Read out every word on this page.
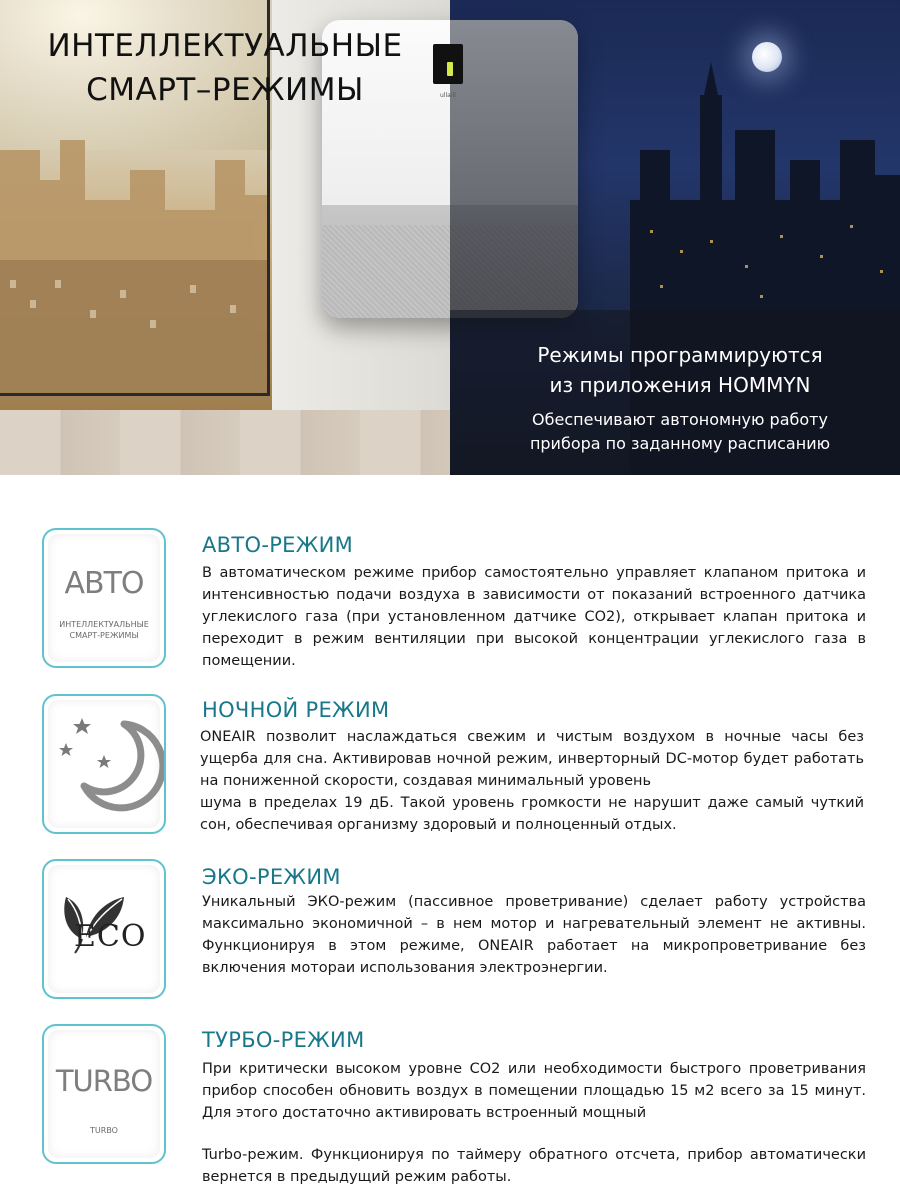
ullaill
ИНТЕЛЛЕКТУАЛЬНЫЕ
СМАРТ–РЕЖИМЫ

Режимы программируются
из приложения HOMMYN

Обеспечивают автономную работу
прибора по заданному расписанию

АВТО
ИНТЕЛЛЕКТУАЛЬНЫЕ
СМАРТ-РЕЖИМЫ
АВТО-РЕЖИМ

В автоматическом режиме прибор самостоятельно управляет клапаном притока и интенсивностью подачи воздуха в зависимости от показаний встроенного датчика углекислого газа (при установленном датчике CO2), открывает клапан притока и переходит в режим вентиляции при высокой концентрации углекислого газа в помещении.

НОЧНОЙ РЕЖИМ

ONEAIR позволит наслаждаться свежим и чистым воздухом в ночные часы без ущерба для сна. Активировав ночной режим, инверторный DC-мотор будет работать на пониженной скорости, создавая минимальный уровень

шума в пределах 19 дБ. Такой уровень громкости не нарушит даже самый чуткий сон, обеспечивая организму здоровый и полноценный отдых.

ECO
ЭКО-РЕЖИМ

Уникальный ЭКО-режим (пассивное проветривание) сделает работу устройства максимально экономичной – в нем мотор и нагревательный элемент не активны. Функционируя в этом режиме, ONEAIR работает на микропроветривание без включения мотораи использования электроэнергии.

TURBO
TURBO
ТУРБО-РЕЖИМ

При критически высоком уровне CO2 или необходимости быстрого проветривания прибор способен обновить воздух в помещении площадью 15 м2 всего за 15 минут. Для этого достаточно активировать встроенный мощный

Turbo-режим. Функционируя по таймеру обратного отсчета, прибор автоматически вернется в предыдущий режим работы.
